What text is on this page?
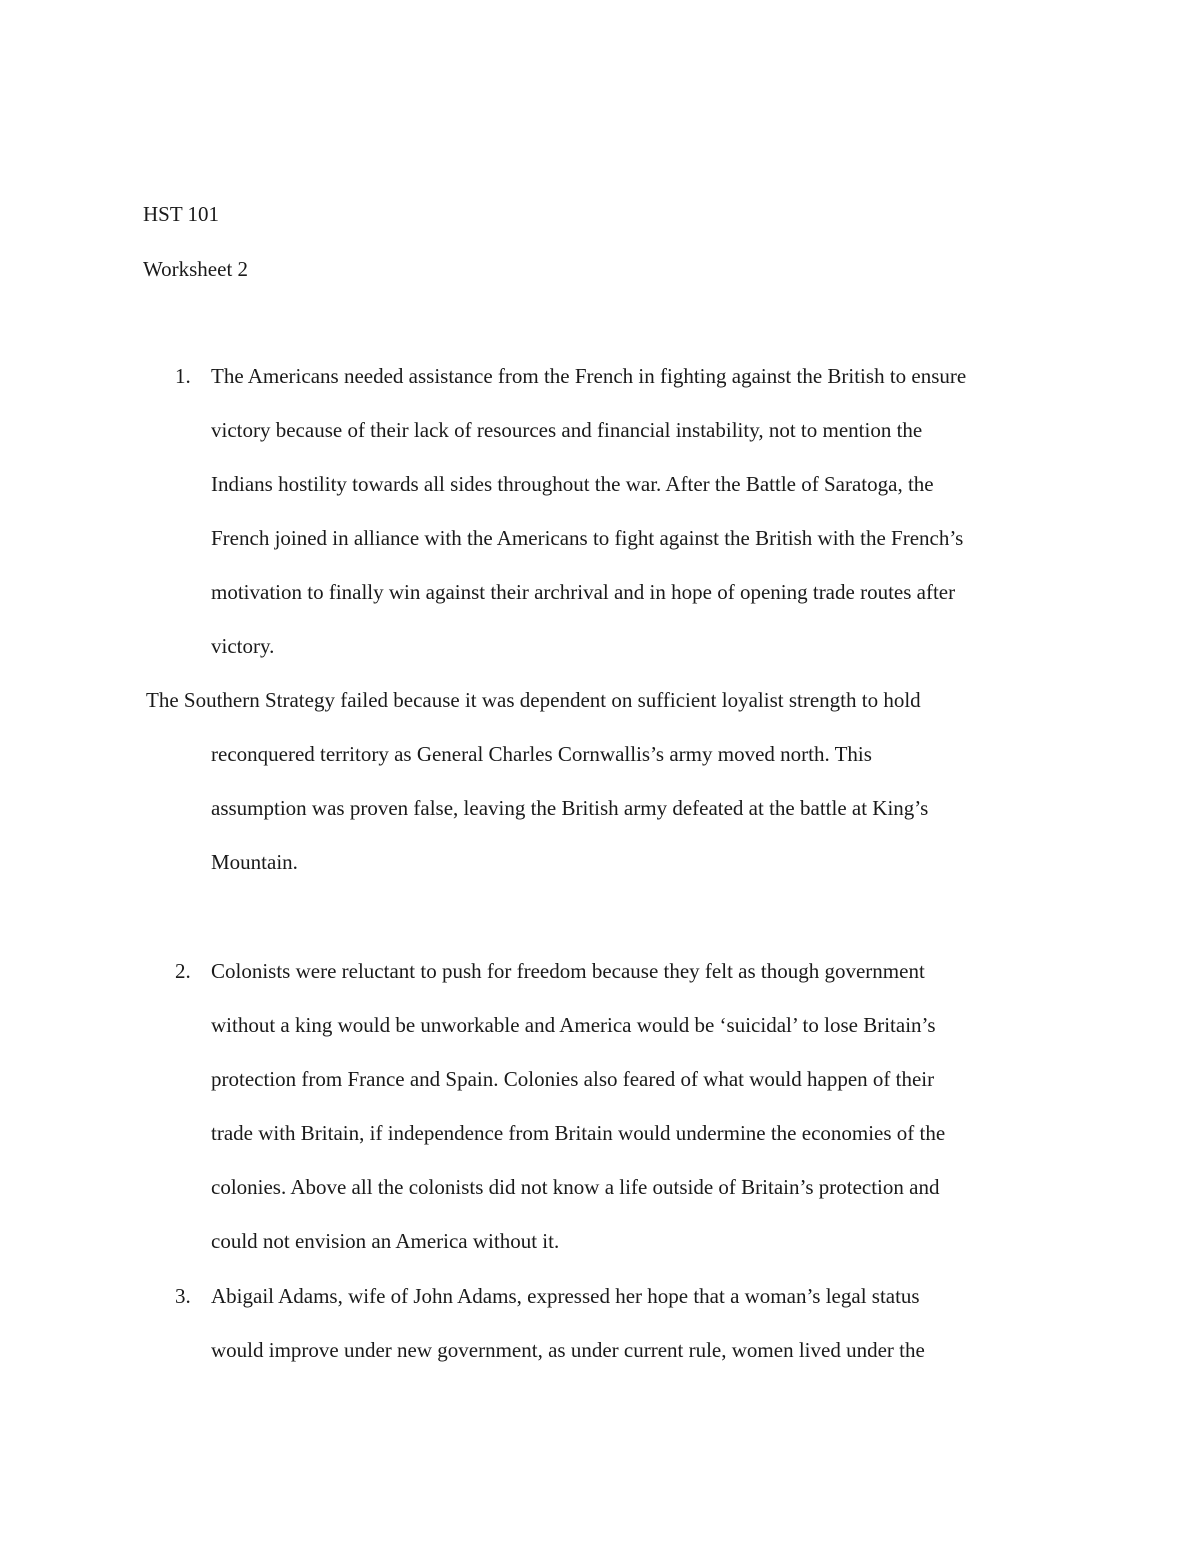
HST 101
Worksheet 2
1. The Americans needed assistance from the French in fighting against the British to ensure
victory because of their lack of resources and financial instability, not to mention the
Indians hostility towards all sides throughout the war. After the Battle of Saratoga, the
French joined in alliance with the Americans to fight against the British with the French’s
motivation to finally win against their archrival and in hope of opening trade routes after
victory.
The Southern Strategy failed because it was dependent on sufficient loyalist strength to hold
reconquered territory as General Charles Cornwallis’s army moved north. This
assumption was proven false, leaving the British army defeated at the battle at King’s
Mountain.
2. Colonists were reluctant to push for freedom because they felt as though government
without a king would be unworkable and America would be ‘suicidal’ to lose Britain’s
protection from France and Spain. Colonies also feared of what would happen of their
trade with Britain, if independence from Britain would undermine the economies of the
colonies. Above all the colonists did not know a life outside of Britain’s protection and
could not envision an America without it.
3. Abigail Adams, wife of John Adams, expressed her hope that a woman’s legal status
would improve under new government, as under current rule, women lived under the
